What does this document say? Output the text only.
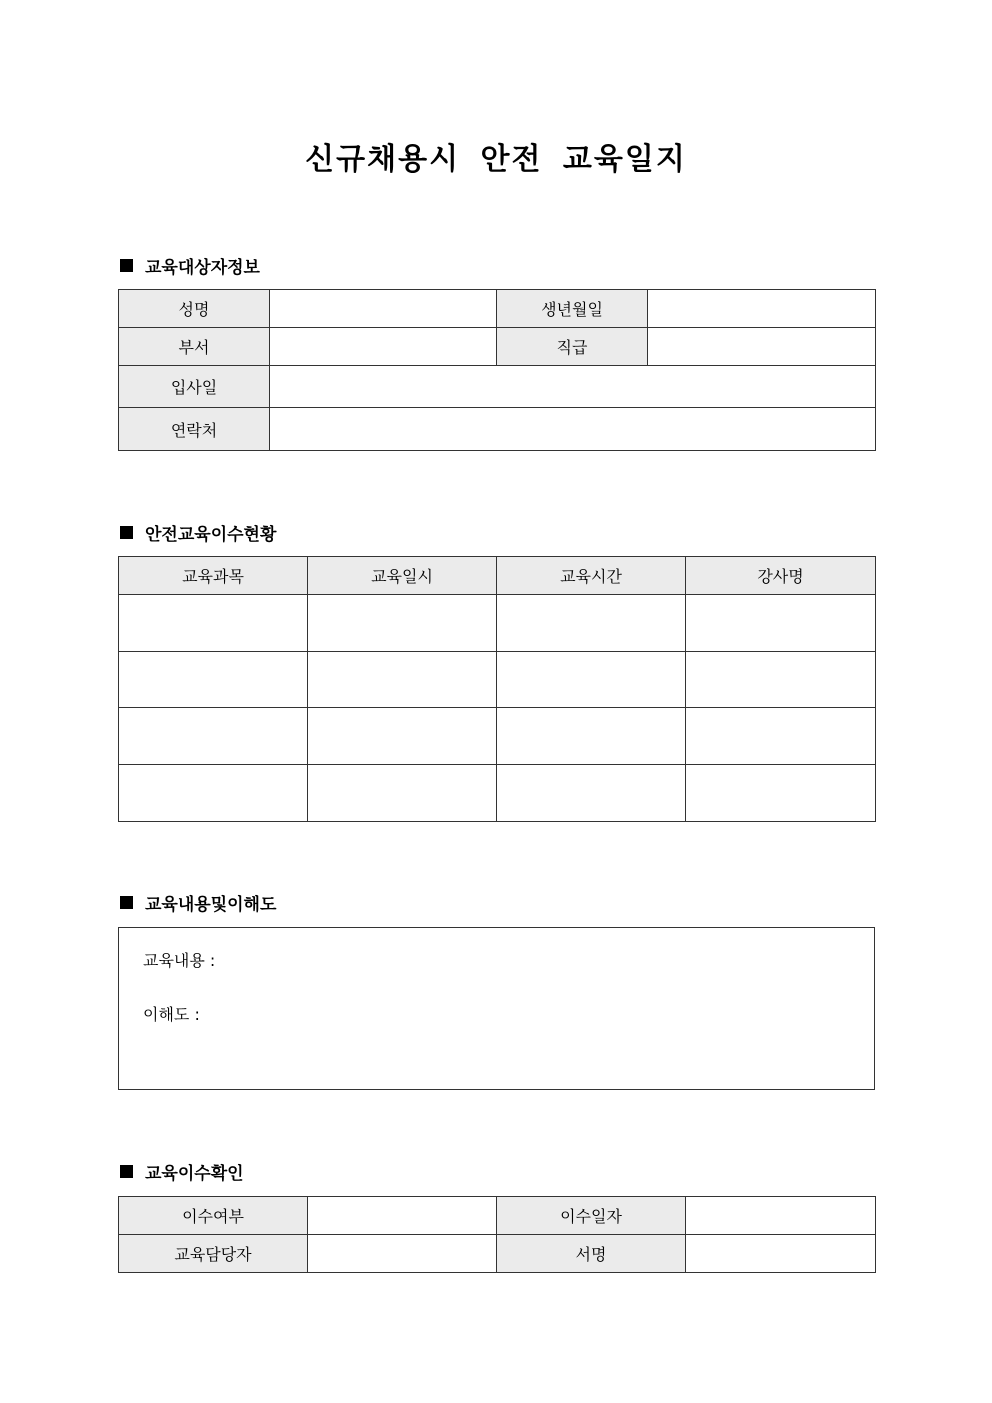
신규채용시 안전 교육일지
교육대상자정보
성명		생년월일	
부서		직급	
입사일			
연락처			
안전교육이수현황
교육과목	교육일시	교육시간	강사명

교육내용및이해도
교육내용 :
이해도 :
교육이수확인
이수여부		이수일자	
교육담당자		서명	
